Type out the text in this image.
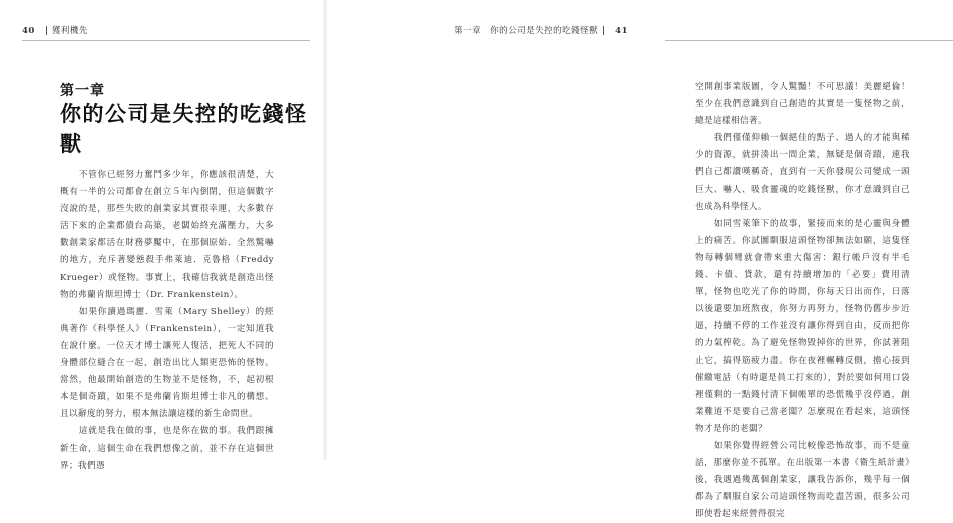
40 獲利機先
第一章
你的公司是失控的吃錢怪獸

不管你已經努力奮鬥多少年，你應該很清楚，大概有一半的公司都會在創立５年內倒閉，但這個數字沒說的是，那些失敗的創業家其實很幸運，大多數存活下來的企業都債台高築，老闆始終充滿壓力，大多數創業家都活在財務夢魘中，在那個原始、全然驚嚇的地方，充斥著變態殺手弗萊迪．克魯格（Freddy Krueger）或怪物。事實上，我確信我就是創造出怪物的弗蘭肯斯坦博士（Dr. Frankenstein）。

如果你讀過瑪麗．雪萊（Mary Shelley）的經典著作《科學怪人》（Frankenstein），一定知道我在說什麼。一位天才博士讓死人復活，把死人不同的身體部位縫合在一起，創造出比人類更恐怖的怪物。當然，他最開始創造的生物並不是怪物，不，起初根本是個奇蹟，如果不是弗蘭肯斯坦博士非凡的構想、且以辭度的努力，根本無法讓這樣的新生命問世。

這就是我在做的事，也是你在做的事。我們跟擁新生命，這個生命在我們想像之前，並不存在這個世界；我們憑

第一章　你的公司是失控的吃錢怪獸 41

空開創事業版圖，令人驚豔！不可思議！美麗絕倫！至少在我們意識到自己創造的其實是一隻怪物之前，總是這樣相信著。

我們僅僅仰賴一個絕佳的點子、過人的才能與稀少的資源，就拼湊出一間企業，無疑是個奇蹟，連我們自己都讚嘆稱奇，直到有一天你發現公司變成一頭巨大、嚇人、吸食靈魂的吃錢怪獸，你才意識到自己也成為科學怪人。

如同雪萊筆下的故事，緊接而來的是心靈與身體上的痛苦。你試圖馴服這頭怪物卻無法如願，這隻怪物每轉個彎就會帶來重大傷害：銀行帳戶沒有半毛錢、卡債、貸款，還有持續增加的「必要」費用清單，怪物也吃光了你的時間，你每天日出而作，日落以後還要加班熬夜，你努力再努力，怪物仍舊步步近逼，持續不停的工作並沒有讓你得到自由，反而把你的力氣榨乾。為了避免怪物毀掉你的世界，你試著阻止它，搞得筋疲力盡。你在夜裡輾轉反側，擔心接到催繳電話（有時還是員工打來的），對於要如何用口袋裡僅剩的一點錢付清下個帳單的恐慌幾乎沒停過，創業難道不是要自己當老闆？怎麼現在看起來，這頭怪物才是你的老闆？

如果你覺得經營公司比較像恐怖故事，而不是童話，那麼你並不孤單。在出版第一本書《衛生紙計畫》後，我遇過幾萬個創業家，讓我告訴你，幾乎每一個都為了馴服自家公司這頭怪物而吃盡苦頭，很多公司即使看起來經營得很完
